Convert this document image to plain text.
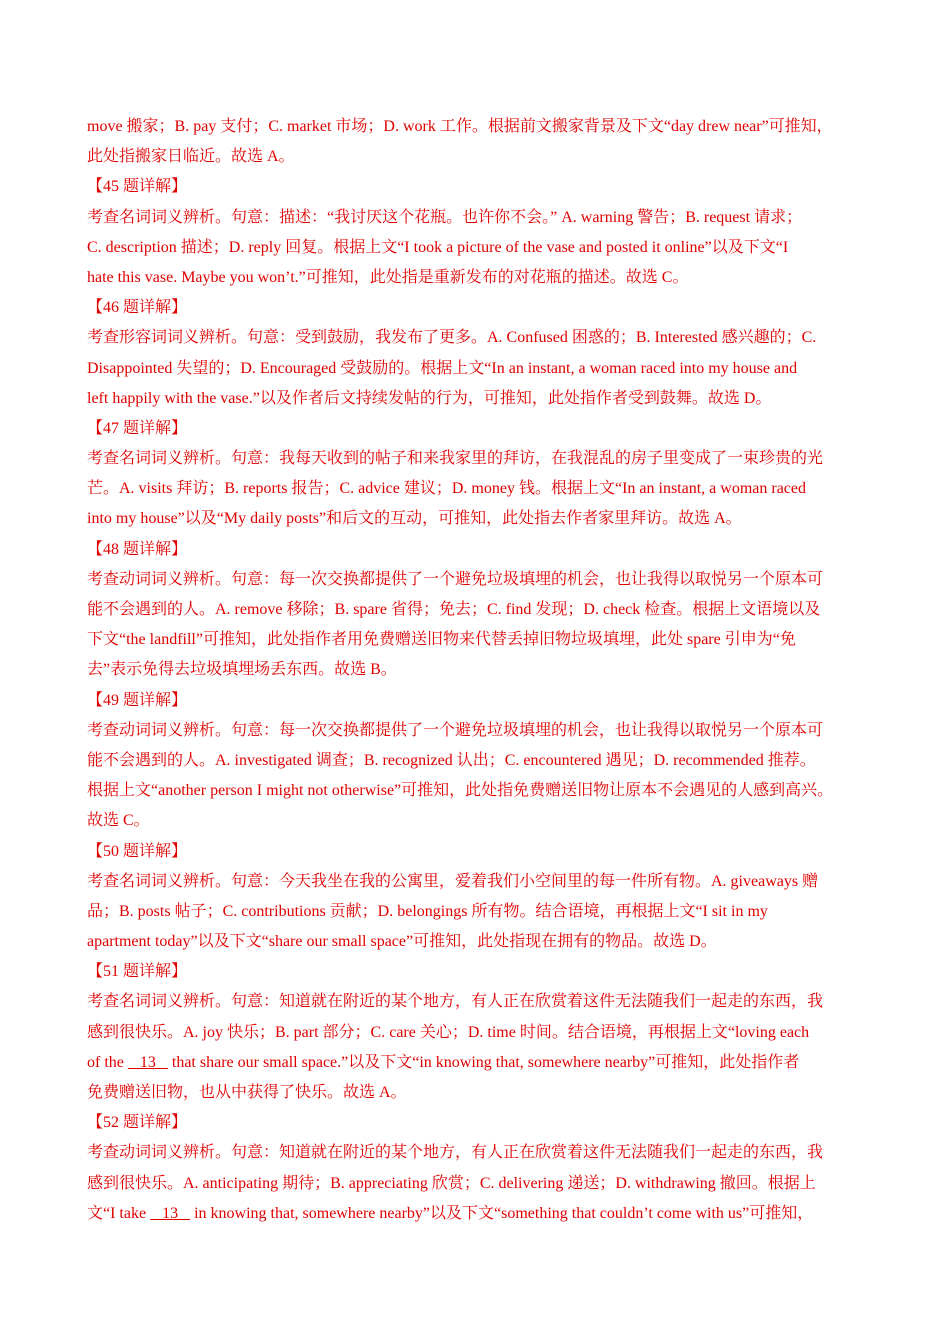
move 搬家；B. pay 支付；C. market 市场；D. work 工作。根据前文搬家背景及下文“day drew near”可推知，
此处指搬家日临近。故选 A。
【45 题详解】
考查名词词义辨析。句意：描述：“我讨厌这个花瓶。也许你不会。” A. warning 警告；B. request 请求；
C. description 描述；D. reply 回复。根据上文“I took a picture of the vase and posted it online”以及下文“I
hate this vase. Maybe you won’t.”可推知，此处指是重新发布的对花瓶的描述。故选 C。
【46 题详解】
考查形容词词义辨析。句意：受到鼓励，我发布了更多。A. Confused 困惑的；B. Interested 感兴趣的；C.
Disappointed 失望的；D. Encouraged 受鼓励的。根据上文“In an instant, a woman raced into my house and
left happily with the vase.”以及作者后文持续发帖的行为，可推知，此处指作者受到鼓舞。故选 D。
【47 题详解】
考查名词词义辨析。句意：我每天收到的帖子和来我家里的拜访，在我混乱的房子里变成了一束珍贵的光
芒。A. visits 拜访；B. reports 报告；C. advice 建议；D. money 钱。根据上文“In an instant, a woman raced
into my house”以及“My daily posts”和后文的互动，可推知，此处指去作者家里拜访。故选 A。
【48 题详解】
考查动词词义辨析。句意：每一次交换都提供了一个避免垃圾填埋的机会，也让我得以取悦另一个原本可
能不会遇到的人。A. remove 移除；B. spare 省得；免去；C. find 发现；D. check 检查。根据上文语境以及
下文“the landfill”可推知，此处指作者用免费赠送旧物来代替丢掉旧物垃圾填埋，此处 spare 引申为“免
去”表示免得去垃圾填埋场丢东西。故选 B。
【49 题详解】
考查动词词义辨析。句意：每一次交换都提供了一个避免垃圾填埋的机会，也让我得以取悦另一个原本可
能不会遇到的人。A. investigated 调查；B. recognized 认出；C. encountered 遇见；D. recommended 推荐。
根据上文“another person I might not otherwise”可推知，此处指免费赠送旧物让原本不会遇见的人感到高兴。
故选 C。
【50 题详解】
考查名词词义辨析。句意：今天我坐在我的公寓里，爱着我们小空间里的每一件所有物。A. giveaways 赠
品；B. posts 帖子；C. contributions 贡献；D. belongings 所有物。结合语境，再根据上文“I sit in my
apartment today”以及下文“share our small space”可推知，此处指现在拥有的物品。故选 D。
【51 题详解】
考查名词词义辨析。句意：知道就在附近的某个地方，有人正在欣赏着这件无法随我们一起走的东西，我
感到很快乐。A. joy 快乐；B. part 部分；C. care 关心；D. time 时间。结合语境，再根据上文“loving each
of the    13    that share our small space.”以及下文“in knowing that, somewhere nearby”可推知，此处指作者
免费赠送旧物，也从中获得了快乐。故选 A。
【52 题详解】
考查动词词义辨析。句意：知道就在附近的某个地方，有人正在欣赏着这件无法随我们一起走的东西，我
感到很快乐。A. anticipating 期待；B. appreciating 欣赏；C. delivering 递送；D. withdrawing 撤回。根据上
文“I take    13    in knowing that, somewhere nearby”以及下文“something that couldn’t come with us”可推知，
